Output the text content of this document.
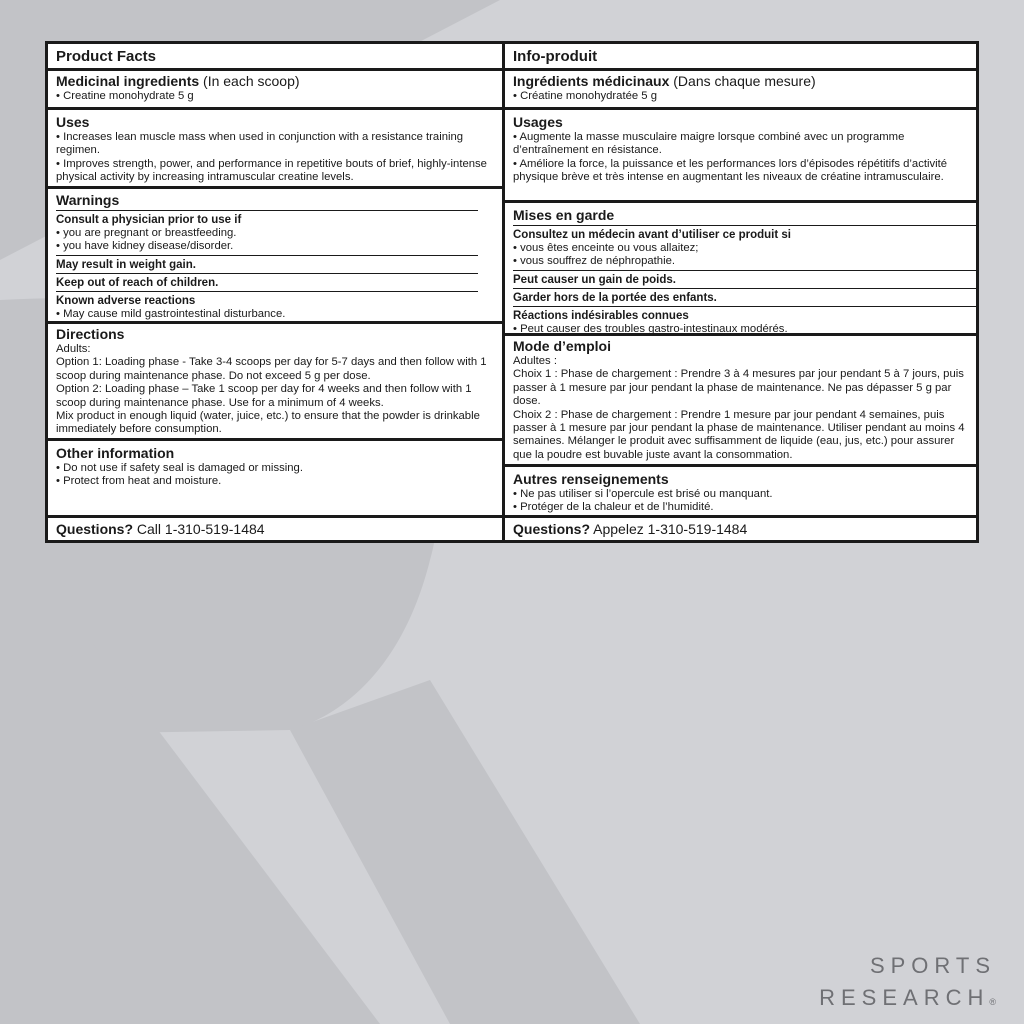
Product Facts
Medicinal ingredients (In each scoop)
• Creatine monohydrate 5 g
Uses
• Increases lean muscle mass when used in conjunction with a resistance training regimen.
• Improves strength, power, and performance in repetitive bouts of brief, highly-intense physical activity by increasing intramuscular creatine levels.
Warnings
Consult a physician prior to use if
• you are pregnant or breastfeeding.
• you have kidney disease/disorder.
May result in weight gain.
Keep out of reach of children.
Known adverse reactions
• May cause mild gastrointestinal disturbance.
Directions
Adults:
Option 1: Loading phase - Take 3-4 scoops per day for 5-7 days and then follow with 1 scoop during maintenance phase. Do not exceed 5 g per dose.
Option 2: Loading phase – Take 1 scoop per day for 4 weeks and then follow with 1 scoop during maintenance phase. Use for a minimum of 4 weeks.
Mix product in enough liquid (water, juice, etc.) to ensure that the powder is drinkable immediately before consumption.
Other information
• Do not use if safety seal is damaged or missing.
• Protect from heat and moisture.
Questions? Call 1-310-519-1484
Info-produit
Ingrédients médicinaux (Dans chaque mesure)
• Créatine monohydratée 5 g
Usages
• Augmente la masse musculaire maigre lorsque combiné avec un programme d’entraînement en résistance.
• Améliore la force, la puissance et les performances lors d’épisodes répétitifs d’activité physique brève et très intense en augmentant les niveaux de créatine intramusculaire.
Mises en garde
Consultez un médecin avant d’utiliser ce produit si
• vous êtes enceinte ou vous allaitez;
• vous souffrez de néphropathie.
Peut causer un gain de poids.
Garder hors de la portée des enfants.
Réactions indésirables connues
• Peut causer des troubles gastro-intestinaux modérés.
Mode d’emploi
Adultes :
Choix 1 : Phase de chargement : Prendre 3 à 4 mesures par jour pendant 5 à 7 jours, puis passer à 1 mesure par jour pendant la phase de maintenance. Ne pas dépasser 5 g par dose.
Choix 2 : Phase de chargement : Prendre 1 mesure par jour pendant 4 semaines, puis passer à 1 mesure par jour pendant la phase de maintenance. Utiliser pendant au moins 4 semaines. Mélanger le produit avec suffisamment de liquide (eau, jus, etc.) pour assurer que la poudre est buvable juste avant la consommation.
Autres renseignements
• Ne pas utiliser si l’opercule est brisé ou manquant.
• Protéger de la chaleur et de l’humidité.
Questions? Appelez 1-310-519-1484
SPORTS
RESEARCH®
